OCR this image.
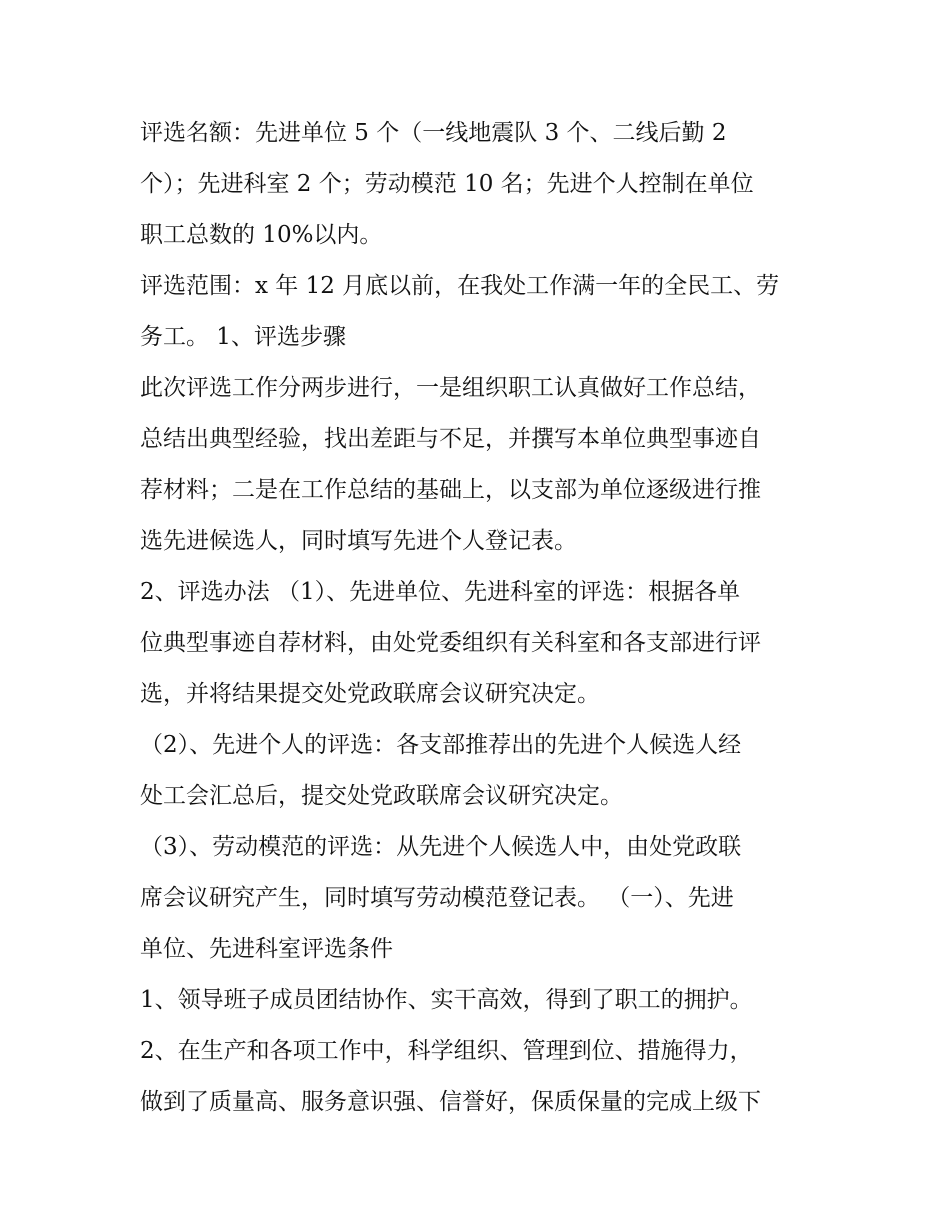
评选名额：先进单位 5 个（一线地震队 3 个、二线后勤 2
个）；先进科室 2 个；劳动模范 10 名；先进个人控制在单位
职工总数的 10%以内。
评选范围：x 年 12 月底以前，在我处工作满一年的全民工、劳
务工。 1、评选步骤
此次评选工作分两步进行，一是组织职工认真做好工作总结，
总结出典型经验，找出差距与不足，并撰写本单位典型事迹自
荐材料；二是在工作总结的基础上，以支部为单位逐级进行推
选先进候选人，同时填写先进个人登记表。
2、评选办法 （1）、先进单位、先进科室的评选：根据各单
位典型事迹自荐材料，由处党委组织有关科室和各支部进行评
选，并将结果提交处党政联席会议研究决定。
（2）、先进个人的评选：各支部推荐出的先进个人候选人经
处工会汇总后，提交处党政联席会议研究决定。
（3）、劳动模范的评选：从先进个人候选人中，由处党政联
席会议研究产生，同时填写劳动模范登记表。 （一）、先进
单位、先进科室评选条件
1、领导班子成员团结协作、实干高效，得到了职工的拥护。
2、在生产和各项工作中，科学组织、管理到位、措施得力，
做到了质量高、服务意识强、信誉好，保质保量的完成上级下
